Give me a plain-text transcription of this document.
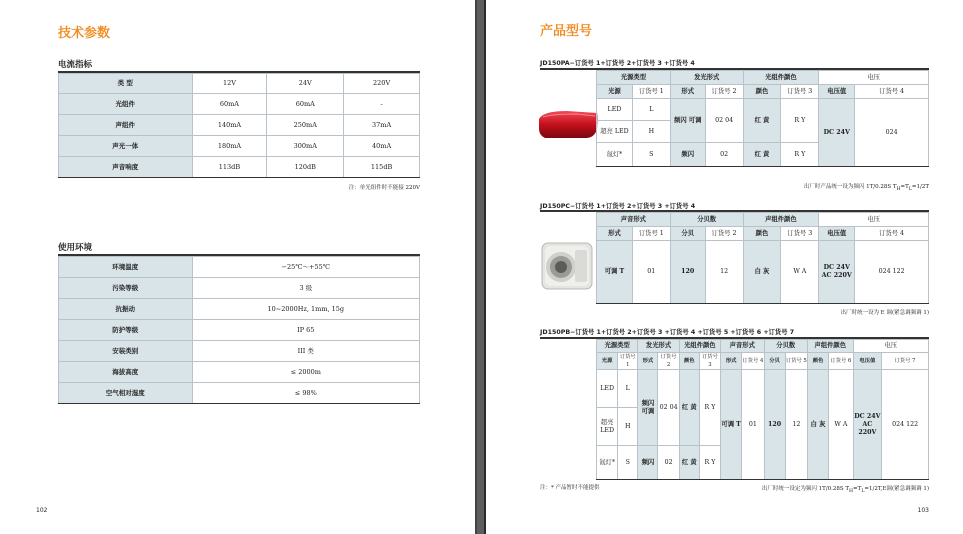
技术参数
电流指标
类 型	12V	24V	220V
光组件	60mA	60mA	-
声组件	140mA	250mA	37mA
声光一体	180mA	300mA	40mA
声音响度	113dB	120dB	115dB
注：单光组件时不能接 220V
使用环境
环境温度	−25℃～+55℃
污染等级	3 级
抗振动	10~2000Hz, 1mm, 15g
防护等级	IP 65
安装类别	III 类
海拔高度	≤ 2000m
空气相对湿度	≤ 98%
102
产品型号
JD150PA−订货号 1+订货号 2+订货号 3 +订货号 4
光源类型		发光形式		光组件颜色		电压	
光源	订货号 1	形式	订货号 2	颜色	订货号 3	电压值	订货号 4
LED	L	频闪 可调	02 04	红 黄	R Y	DC 24V	024
超亮 LED	H						
氙灯*	S	频闪	02	红 黄	R Y		
出厂时产品统一设为频闪 1T/0.28S $T_H=T_L=1/2T$
JD150PC−订货号 1+订货号 2+订货号 3 +订货号 4
声音形式		分贝数		声组件颜色		电压	
形式	订货号 1	分贝	订货号 2	颜色	订货号 3	电压值	订货号 4
可调 T	01	120	12	白 灰	W A	DC 24V AC 220V	024 122
出厂时统一设为 E 调(紧急调频调 1)
JD150PB−订货号 1+订货号 2+订货号 3 +订货号 4 +订货号 5 +订货号 6 +订货号 7
光源类型		发光形式		光组件颜色		声音形式		分贝数		声组件颜色		电压	
光源	订货号 1	形式	订货号 2	颜色	订货号 3	形式	订货号 4	分贝	订货号 5	颜色	订货号 6	电压值	订货号 7
LED	L	频闪 可调	02 04	红 黄	R Y	可调 T	01	120	12	白 灰	W A	DC 24V AC 220V	024 122
超亮 LED	H												
氙灯*	S	频闪	02	红 黄	R Y								
注：* 产品暂时不能提供	出厂时统一设定为频闪 1T/0.28S $T_H=T_L=1/2T,E$调(紧急调频调 1)
103
